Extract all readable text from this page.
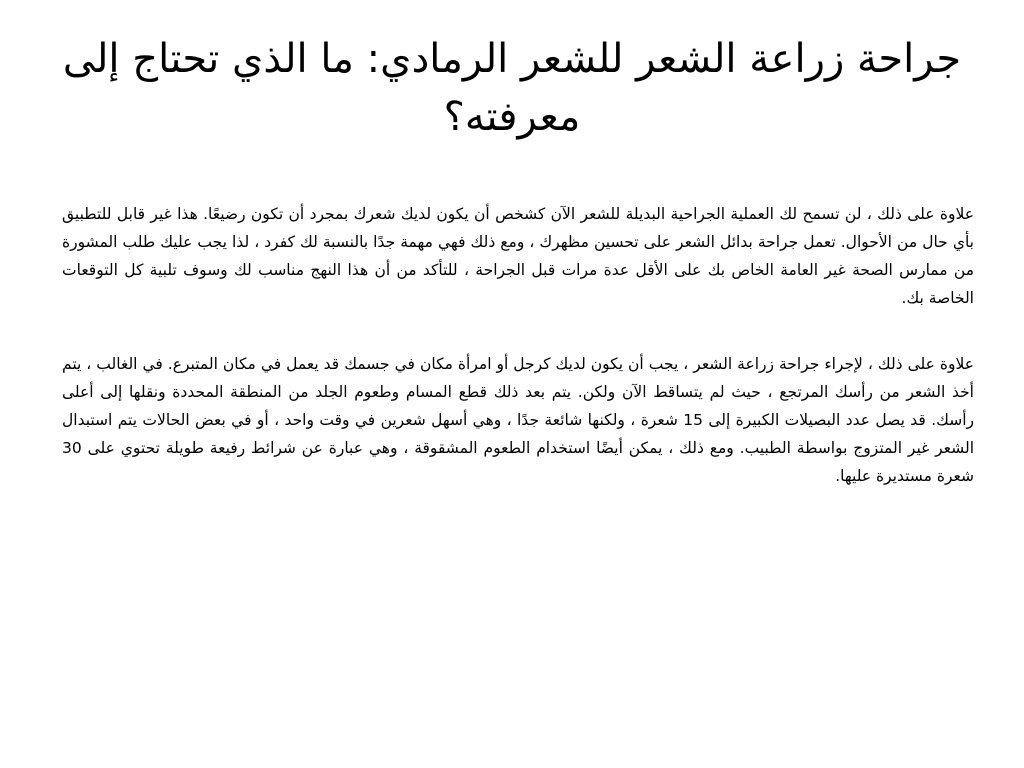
جراحة زراعة الشعر للشعر الرمادي: ما الذي تحتاج إلى معرفته؟

علاوة على ذلك ، لن تسمح لك العملية الجراحية البديلة للشعر الآن كشخص أن يكون لديك شعرك بمجرد أن تكون رضيعًا. هذا غير قابل للتطبيق بأي حال من الأحوال. تعمل جراحة بدائل الشعر على تحسين مظهرك ، ومع ذلك فهي مهمة جدًا بالنسبة لك كفرد ، لذا يجب عليك طلب المشورة من ممارس الصحة غير العامة الخاص بك على الأقل عدة مرات قبل الجراحة ، للتأكد من أن هذا النهج مناسب لك وسوف تلبية كل التوقعات الخاصة بك.

علاوة على ذلك ، لإجراء جراحة زراعة الشعر ، يجب أن يكون لديك كرجل أو امرأة مكان في جسمك قد يعمل في مكان المتبرع. في الغالب ، يتم أخذ الشعر من رأسك المرتجع ، حيث لم يتساقط الآن ولكن. يتم بعد ذلك قطع المسام وطعوم الجلد من المنطقة المحددة ونقلها إلى أعلى رأسك. قد يصل عدد البصيلات الكبيرة إلى 15 شعرة ، ولكنها شائعة جدًا ، وهي أسهل شعرين في وقت واحد ، أو في بعض الحالات يتم استبدال الشعر غير المتزوج بواسطة الطبيب. ومع ذلك ، يمكن أيضًا استخدام الطعوم المشقوقة ، وهي عبارة عن شرائط رفيعة طويلة تحتوي على 30 شعرة مستديرة عليها.
